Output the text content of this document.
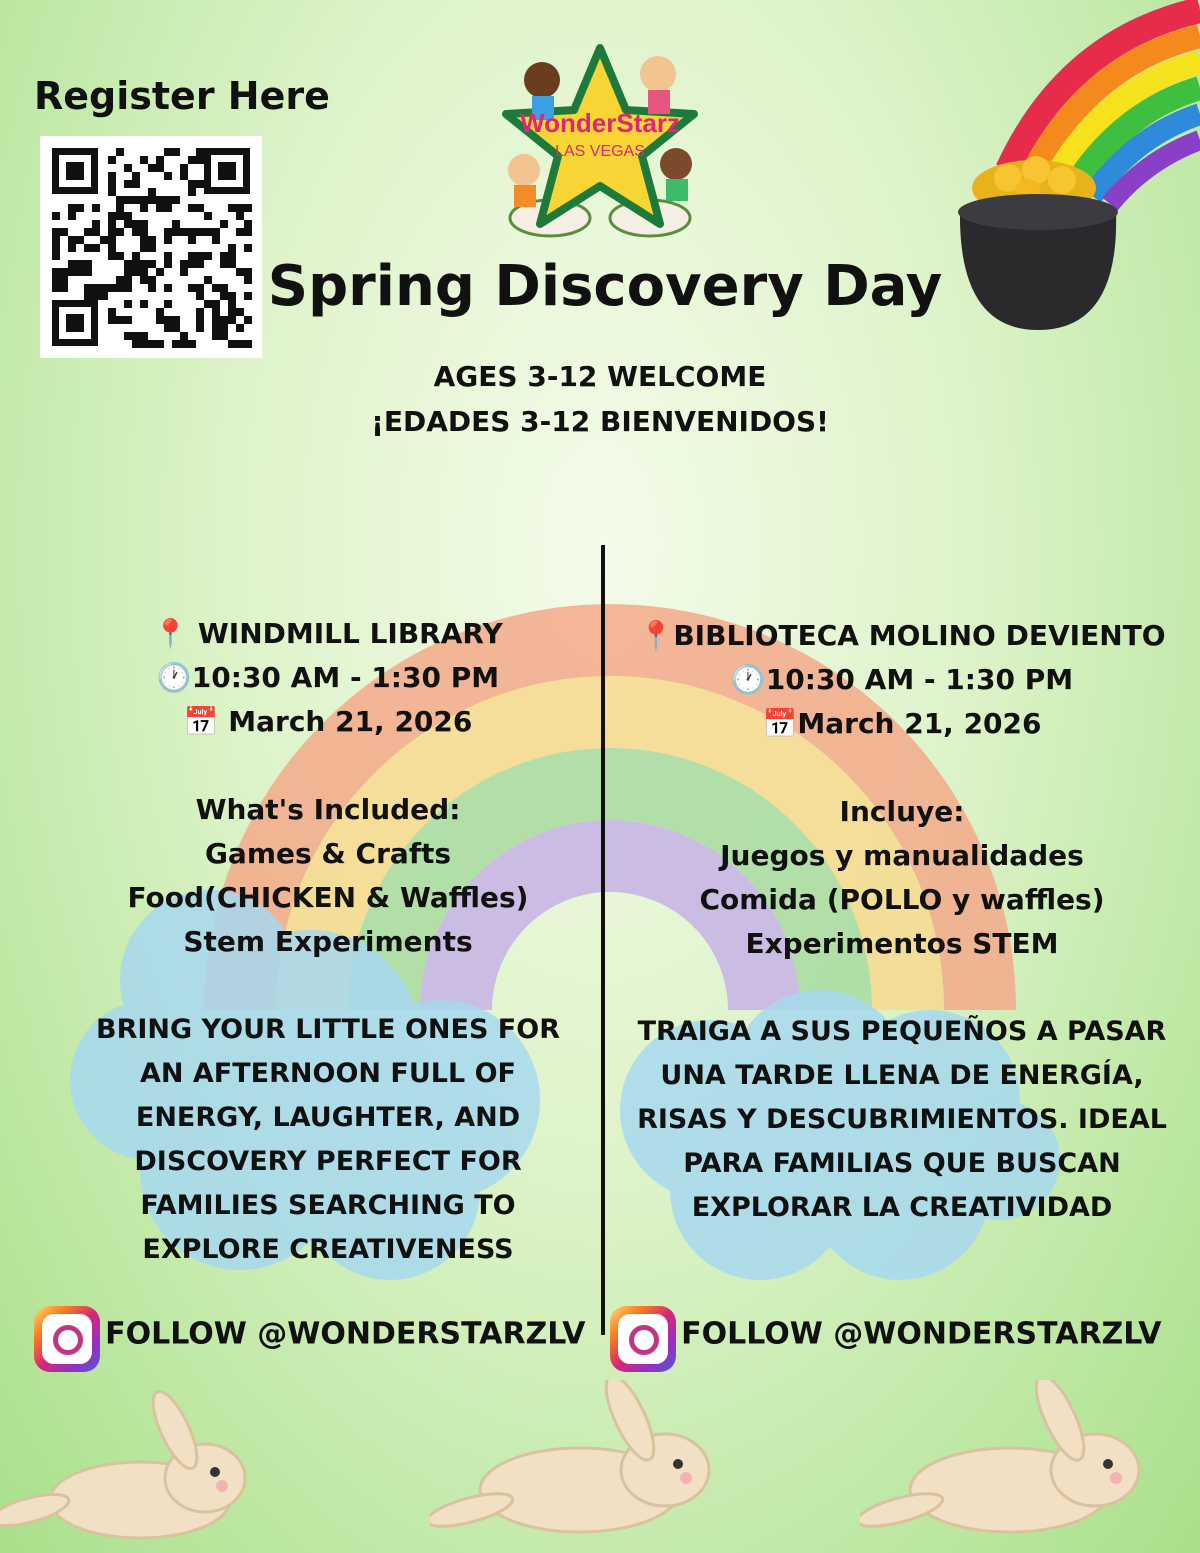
Register Here
WonderStarz
LAS VEGAS
Spring Discovery Day
AGES 3-12 WELCOME
¡EDADES 3-12 BIENVENIDOS!
📍 WINDMILL LIBRARY
🕐10:30 AM - 1:30 PM
📅 March 21, 2026
What's Included:
Games & Crafts
Food(CHICKEN & Waffles)
Stem Experiments
BRING YOUR LITTLE ONES FOR
AN AFTERNOON FULL OF
ENERGY, LAUGHTER, AND
DISCOVERY PERFECT FOR
FAMILIES SEARCHING TO
EXPLORE CREATIVENESS
FOLLOW @WONDERSTARZLV
📍BIBLIOTECA MOLINO DEVIENTO
🕐10:30 AM - 1:30 PM
📅March 21, 2026
Incluye:
Juegos y manualidades
Comida (POLLO y waffles)
Experimentos STEM
TRAIGA A SUS PEQUEÑOS A PASAR
UNA TARDE LLENA DE ENERGÍA,
RISAS Y DESCUBRIMIENTOS. IDEAL
PARA FAMILIAS QUE BUSCAN
EXPLORAR LA CREATIVIDAD
FOLLOW @WONDERSTARZLV
